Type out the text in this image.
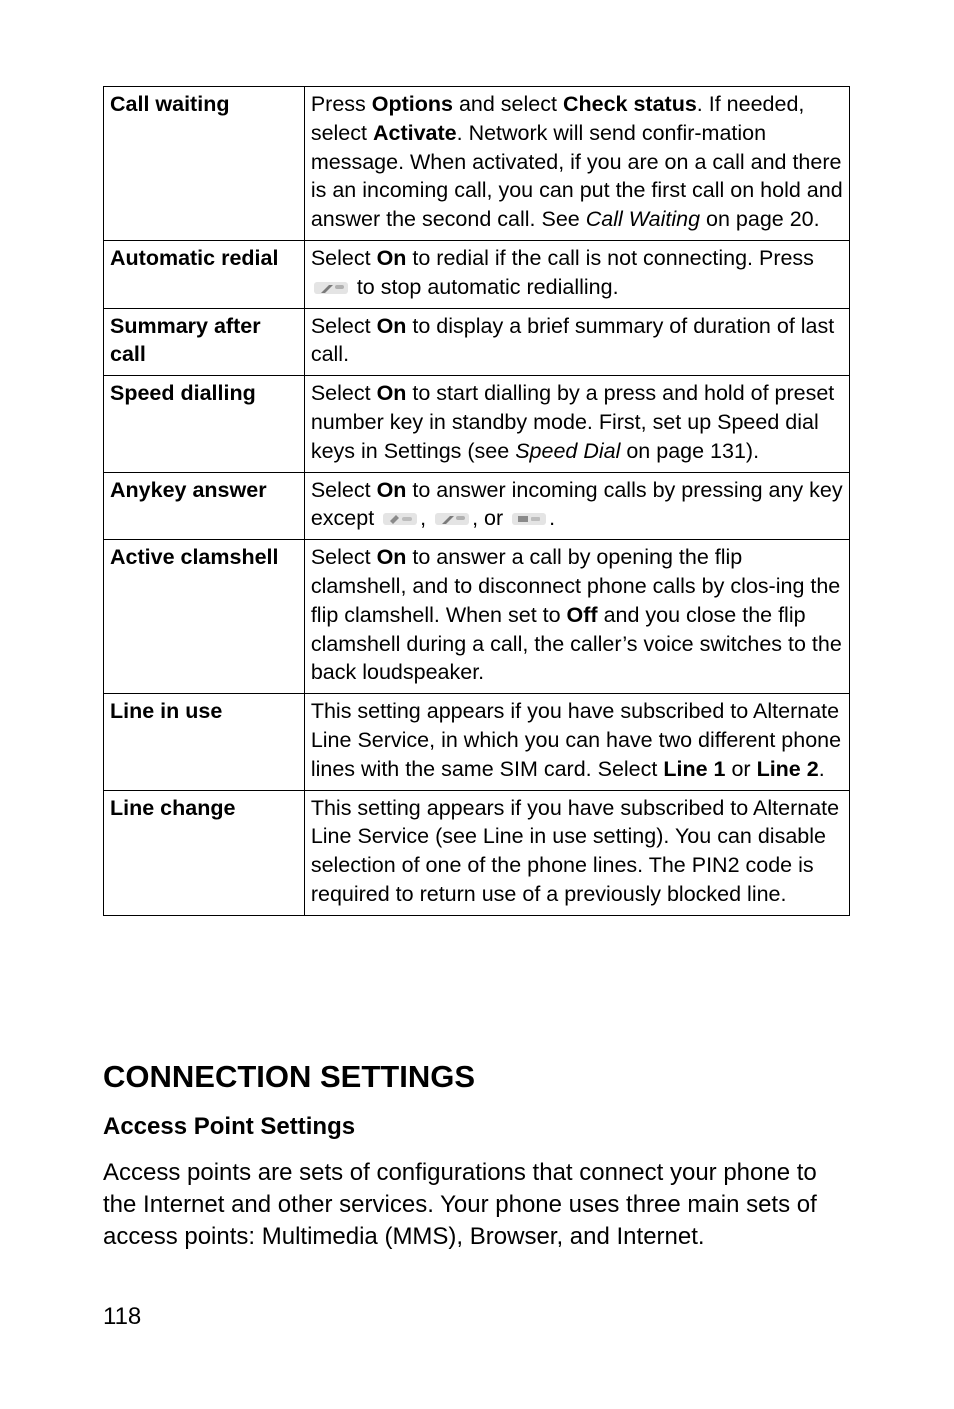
Call waiting	Press Options and select Check status. If needed, select Activate. Network will send confir-mation message. When activated, if you are on a call and there is an incoming call, you can put the first call on hold and answer the second call. See Call Waiting on page 20.
Automatic redial	Select On to redial if the call is not connecting. Press  to stop automatic redialling.
Summary after call	Select On to display a brief summary of duration of last call.
Speed dialling	Select On to start dialling by a press and hold of preset number key in standby mode. First, set up Speed dial keys in Settings (see Speed Dial on page 131).
Anykey answer	Select On to answer incoming calls by pressing any key except , , or .
Active clamshell	Select On to answer a call by opening the flip clamshell, and to disconnect phone calls by clos-ing the flip clamshell. When set to Off and you close the flip clamshell during a call, the caller’s voice switches to the back loudspeaker.
Line in use	This setting appears if you have subscribed to Alternate Line Service, in which you can have two different phone lines with the same SIM card. Select Line 1 or Line 2.
Line change	This setting appears if you have subscribed to Alternate Line Service (see Line in use setting). You can disable selection of one of the phone lines. The PIN2 code is required to return use of a previously blocked line.
CONNECTION SETTINGS
Access Point Settings

Access points are sets of configurations that connect your phone to the Internet and other services. Your phone uses three main sets of access points: Multimedia (MMS), Browser, and Internet.

118
